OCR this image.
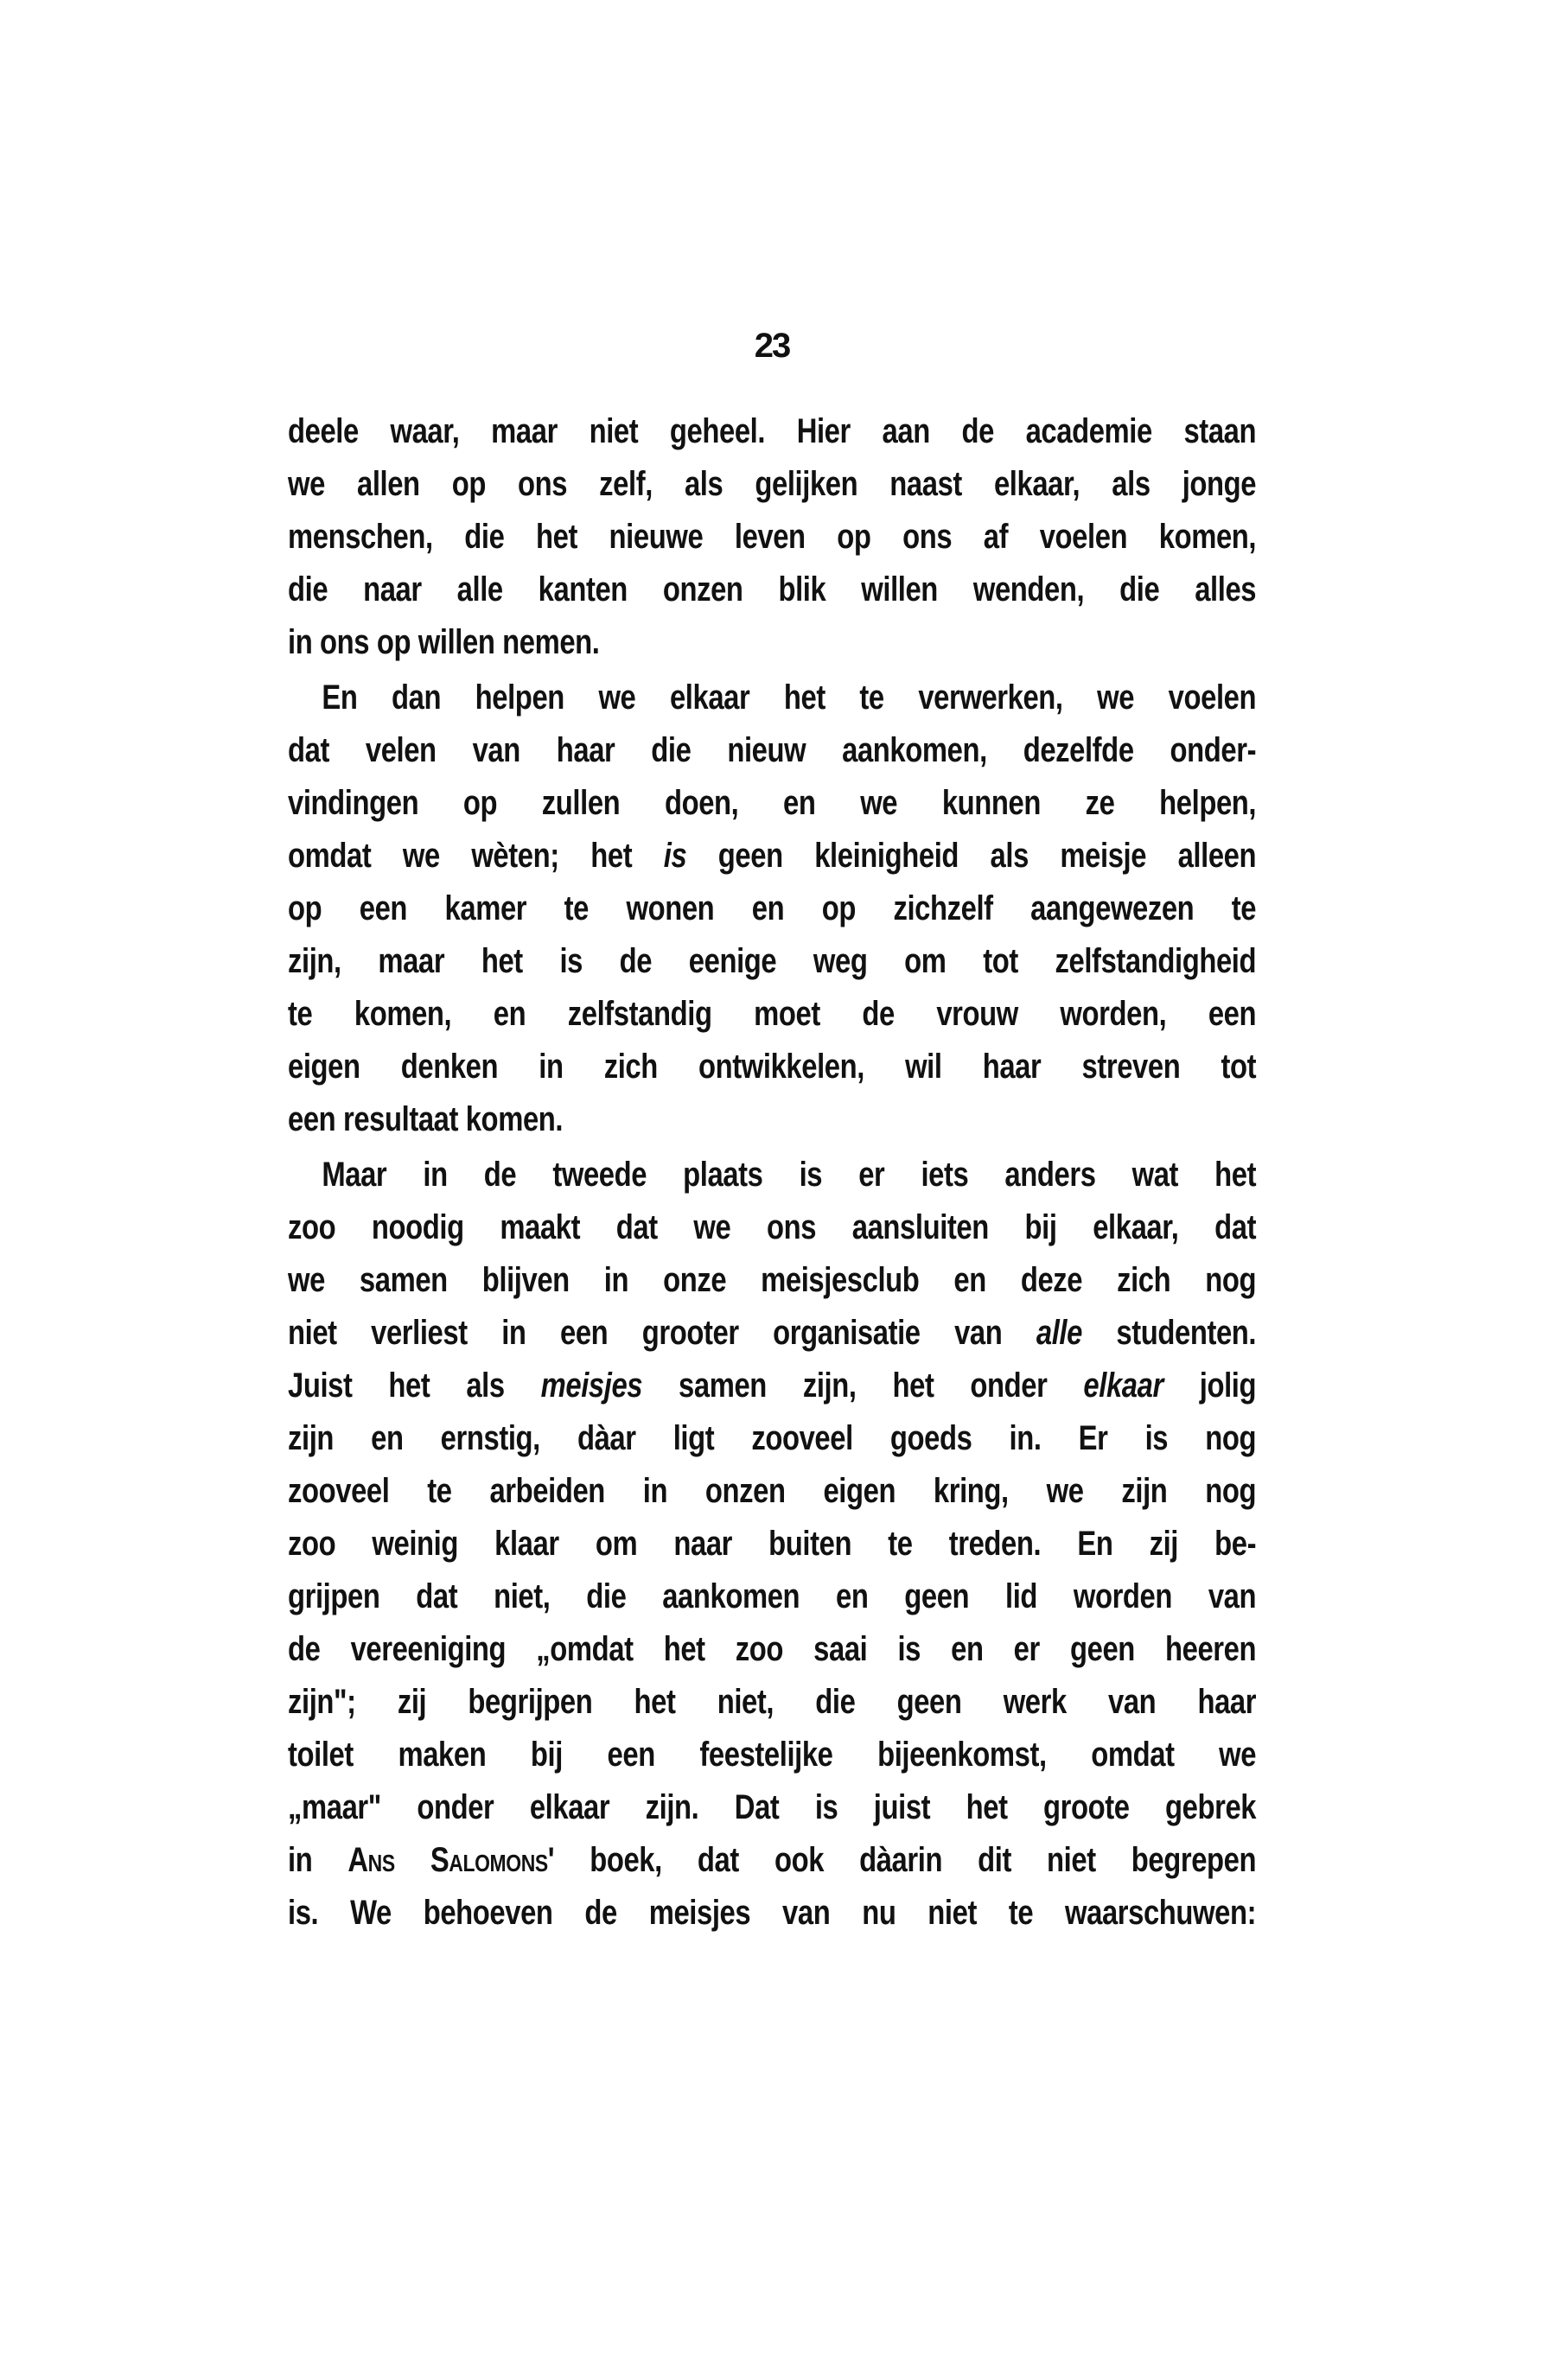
23
deele waar, maar niet geheel. Hier aan de academie staan
we allen op ons zelf, als gelijken naast elkaar, als jonge
menschen, die het nieuwe leven op ons af voelen komen,
die naar alle kanten onzen blik willen wenden, die alles
in ons op willen nemen.
En dan helpen we elkaar het te verwerken, we voelen
dat velen van haar die nieuw aankomen, dezelfde onder-
vindingen op zullen doen, en we kunnen ze helpen,
omdat we wèten; het is geen kleinigheid als meisje alleen
op een kamer te wonen en op zichzelf aangewezen te
zijn, maar het is de eenige weg om tot zelfstandigheid
te komen, en zelfstandig moet de vrouw worden, een
eigen denken in zich ontwikkelen, wil haar streven tot
een resultaat komen.
Maar in de tweede plaats is er iets anders wat het
zoo noodig maakt dat we ons aansluiten bij elkaar, dat
we samen blijven in onze meisjesclub en deze zich nog
niet verliest in een grooter organisatie van alle studenten.
Juist het als meisjes samen zijn, het onder elkaar jolig
zijn en ernstig, dàar ligt zooveel goeds in. Er is nog
zooveel te arbeiden in onzen eigen kring, we zijn nog
zoo weinig klaar om naar buiten te treden. En zij be-
grijpen dat niet, die aankomen en geen lid worden van
de vereeniging „omdat het zoo saai is en er geen heeren
zijn"; zij begrijpen het niet, die geen werk van haar
toilet maken bij een feestelijke bijeenkomst, omdat we
„maar" onder elkaar zijn. Dat is juist het groote gebrek
in Ans Salomons' boek, dat ook dàarin dit niet begrepen
is. We behoeven de meisjes van nu niet te waarschuwen:
